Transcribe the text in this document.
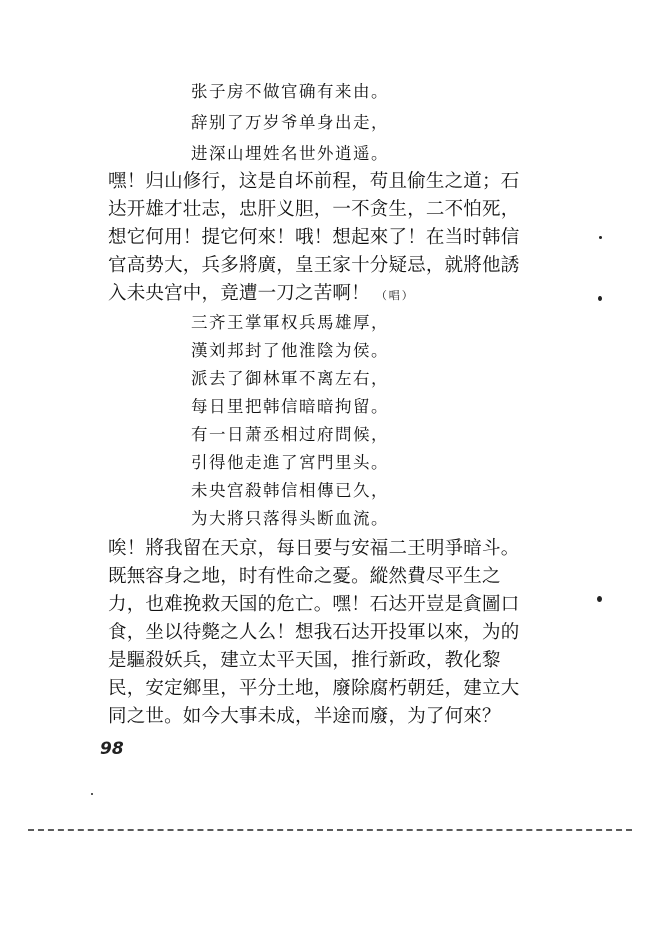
张子房不做官确有来由。
辞别了万岁爷单身出走，
进深山埋姓名世外逍遥。
嘿！归山修行，这是自坏前程，苟且偷生之道；石
达开雄才壮志，忠肝义胆，一不贪生，二不怕死，
想它何用！提它何來！哦！想起來了！在当时韩信
官高势大，兵多將廣，皇王家十分疑忌，就將他誘
入未央宫中，竟遭一刀之苦啊！ （唱）
三齐王掌軍权兵馬雄厚，
漢刘邦封了他淮陰为侯。
派去了御林軍不离左右，
每日里把韩信暗暗拘留。
有一日萧丞相过府問候，
引得他走進了宮門里头。
未央宫殺韩信相傳已久，
为大將只落得头断血流。
唉！將我留在天京，每日要与安福二王明爭暗斗。
既無容身之地，时有性命之憂。縱然費尽平生之
力，也难挽救天国的危亡。嘿！石达开豈是貪圖口
食，坐以待斃之人么！想我石达开投軍以來，为的
是驅殺妖兵，建立太平天国，推行新政，教化黎
民，安定鄉里，平分土地，廢除腐朽朝廷，建立大
同之世。如今大事未成，半途而廢，为了何來？
98
